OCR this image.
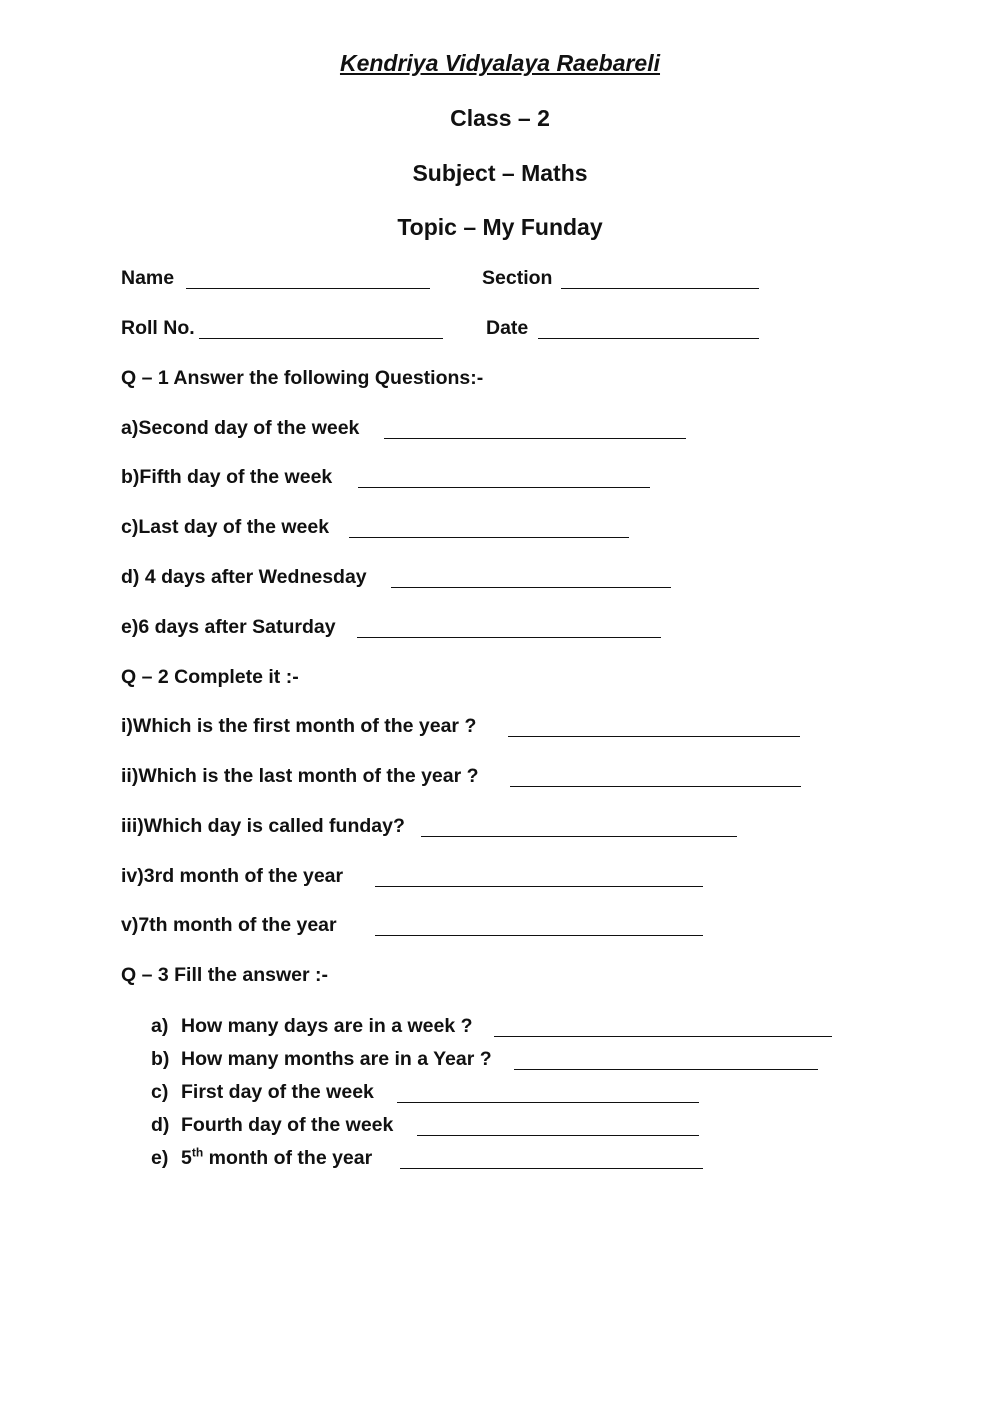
Kendriya Vidyalaya Raebareli
Class – 2
Subject – Maths
Topic – My Funday
Name	Section
Roll No.	Date
Q – 1 Answer the following Questions:-
a)Second day of the week
b)Fifth day of the week
c)Last day of the week
d) 4 days after Wednesday
e)6 days after Saturday
Q – 2 Complete it :-
i)Which is the first month of the year ?
ii)Which is the last month of the year ?
iii)Which day is called funday?
iv)3rd month of the year
v)7th month of the year
Q – 3 Fill the answer :-
a) How many days are in a week ?
b) How many months are in a Year ?
c) First day of the week
d) Fourth day of the week
e) 5th month of the year
